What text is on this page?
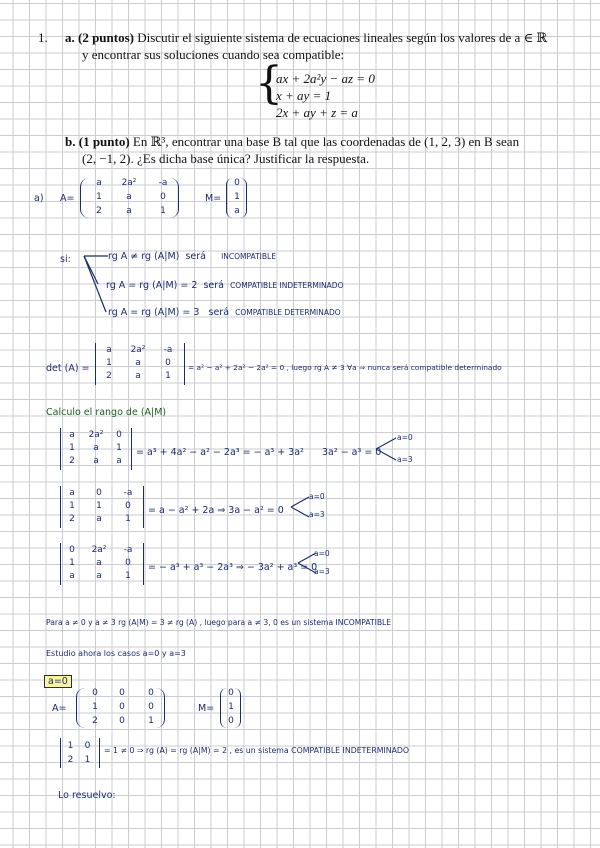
1. a. (2 puntos) Discutir el siguiente sistema de ecuaciones lineales según los valores de a ∈ ℝ
y encontrar sus soluciones cuando sea compatible:
{
ax + 2a²y − az = 0
x + ay = 1
2x + ay + z = a
b. (1 punto) En ℝ³, encontrar una base B tal que las coordenadas de (1, 2, 3) en B sean
(2, −1, 2). ¿Es dicha base única? Justificar la respuesta.
a) A=
a	2a²	-a
1	a	0
2	a	1
M=
0
1
a
si:	rg A ≠ rg (A|M) será INCOMPATIBLE
rg A = rg (A|M) = 2 será COMPATIBLE INDETERMINADO
rg A = rg (A|M) = 3 será COMPATIBLE DETERMINADO
det (A) =
a	2a²	-a
1	a	0
2	a	1
= a² − a² + 2a² − 2a² = 0 , luego rg A ≠ 3 ∀a ⇒ nunca será compatible determinado
Calculo el rango de (A|M)
a	2a²	0
1	a	1
2	a	a
= a³ + 4a² − a² − 2a³ = − a³ + 3a² 3a² − a³ = 0
a=0
a=3
a	0	-a
1	1	0
2	a	1
= a − a² + 2a ⇒ 3a − a² = 0
a=0
a=3
0	2a²	-a
1	a	0
a	a	1
= − a³ + a³ − 2a³ ⇒ − 3a² + a³ = 0
a=0
a=3
Para a ≠ 0 y a ≠ 3 rg (A|M) = 3 ≠ rg (A) , luego para a ≠ 3, 0 es un sistema INCOMPATIBLE
Estudio ahora los casos a=0 y a=3
a=0
A=
0	0	0
1	0	0
2	0	1
M=
0
1
0
1	0
2	1
= 1 ≠ 0 ⇒ rg (A) = rg (A|M) = 2 , es un sistema COMPATIBLE INDETERMINADO
Lo resuelvo:
